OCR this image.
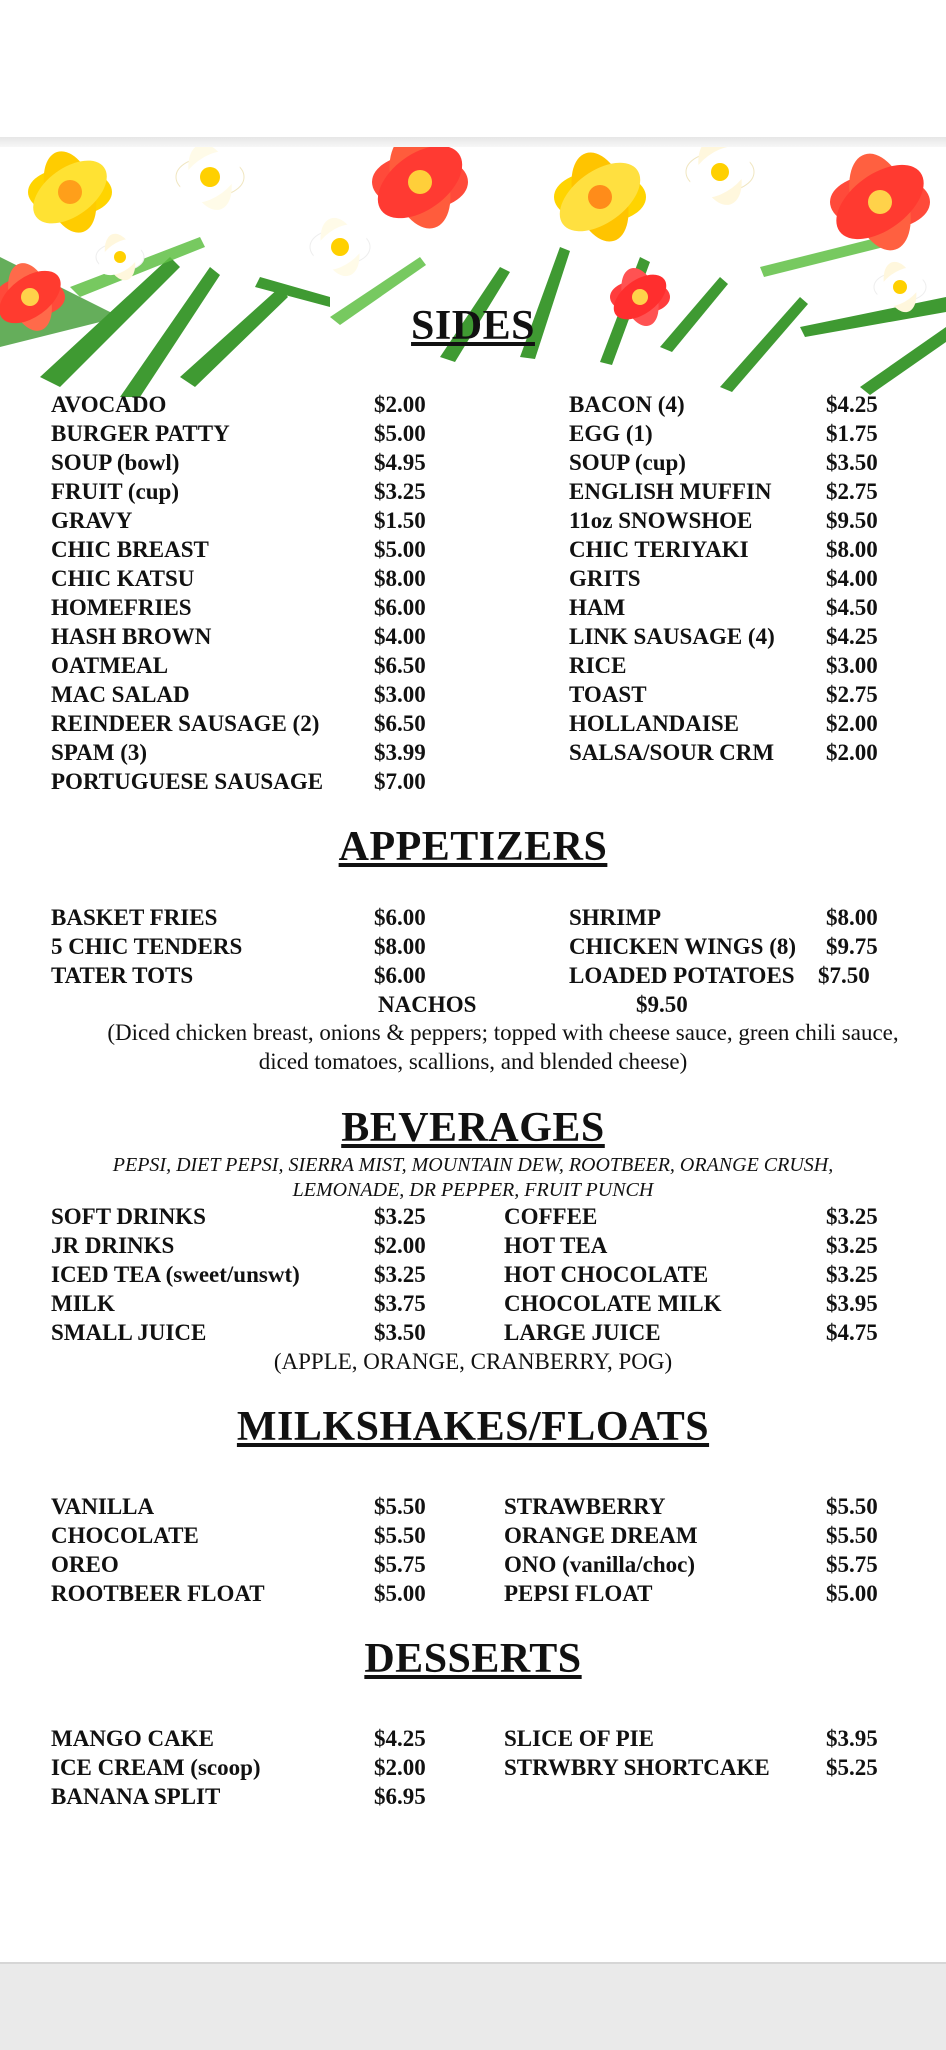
SIDES
AVOCADO	$2.00
BURGER PATTY	$5.00
SOUP (bowl)	$4.95
FRUIT (cup)	$3.25
GRAVY	$1.50
CHIC BREAST	$5.00
CHIC KATSU	$8.00
HOMEFRIES	$6.00
HASH BROWN	$4.00
OATMEAL	$6.50
MAC SALAD	$3.00
REINDEER SAUSAGE (2) $6.50
SPAM (3)	$3.99
PORTUGUESE SAUSAGE $7.00
BACON (4)	$4.25
EGG (1)	$1.75
SOUP (cup)	$3.50
ENGLISH MUFFIN $2.75
11oz SNOWSHOE	$9.50
CHIC TERIYAKI	$8.00
GRITS	$4.00
HAM	$4.50
LINK SAUSAGE (4) $4.25
RICE	$3.00
TOAST	$2.75
HOLLANDAISE	$2.00
SALSA/SOUR CRM $2.00
APPETIZERS
BASKET FRIES	$6.00
5 CHIC TENDERS	$8.00
TATER TOTS	$6.00
SHRIMP	$8.00
CHICKEN WINGS (8) $9.75
LOADED POTATOES $7.50
NACHOS	$9.50
(Diced chicken breast, onions & peppers; topped with cheese sauce, green chili sauce,
diced tomatoes, scallions, and blended cheese)
BEVERAGES
PEPSI, DIET PEPSI, SIERRA MIST, MOUNTAIN DEW, ROOTBEER, ORANGE CRUSH,
LEMONADE, DR PEPPER, FRUIT PUNCH
SOFT DRINKS	$3.25
JR DRINKS	$2.00
ICED TEA (sweet/unswt)	$3.25
MILK	$3.75
SMALL JUICE	$3.50
COFFEE	$3.25
HOT TEA	$3.25
HOT CHOCOLATE	$3.25
CHOCOLATE MILK	$3.95
LARGE JUICE	$4.75
(APPLE, ORANGE, CRANBERRY, POG)
MILKSHAKES/FLOATS
VANILLA	$5.50
CHOCOLATE	$5.50
OREO	$5.75
ROOTBEER FLOAT	$5.00
STRAWBERRY	$5.50
ORANGE DREAM	$5.50
ONO (vanilla/choc)	$5.75
PEPSI FLOAT	$5.00
DESSERTS
MANGO CAKE	$4.25
ICE CREAM (scoop)	$2.00
BANANA SPLIT	$6.95
SLICE OF PIE	$3.95
STRWBRY SHORTCAKE $5.25
